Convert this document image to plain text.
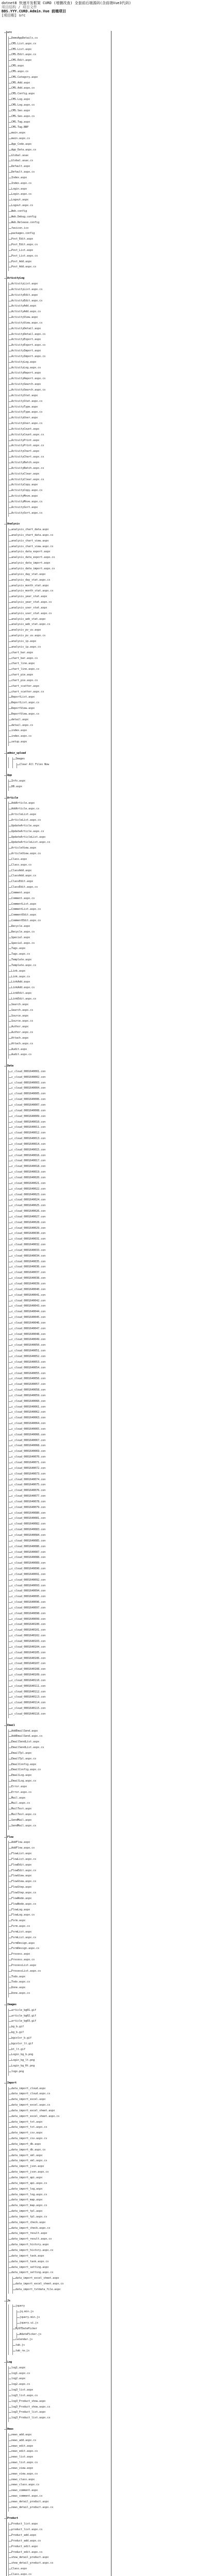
dotnet8 快速开发框架 CURD (增删改查) 全套前后端源码(含前端Vue3代码)
项目结构 / 项目文件
BBS.YYY.CURD.Admin.Vue 前端项目
[项目根] src
src
DemoAppDetails.cs
CMS.List.aspx.cs
CMS.List.aspx
CMS.Edit.aspx.cs
CMS.Edit.aspx
CMS.aspx
CMS.aspx.cs
CMS.Category.aspx
CMS.Add.aspx
CMS.Add.aspx.cs
CMS.Config.aspx
CMS.Log.aspx
CMS.Log.aspx.cs
CMS.Seo.aspx
CMS.Seo.aspx.cs
CMS.Tag.aspx
CMS.Tag.BBP
main.aspx
main.aspx.cs
App_Code.aspx
App_Data.aspx.cs
Global.asax
Global.asax.cs
Default.aspx
Default.aspx.cs
Index.aspx
Index.aspx.cs
Login.aspx
Login.aspx.cs
Logout.aspx
Logout.aspx.cs
Web.config
Web.Debug.config
Web.Release.config
favicon.ico
packages.config
Post_Edit.aspx
Post_Edit.aspx.cs
Post_List.aspx
Post_List.aspx.cs
Post_Add.aspx
Post_Add.aspx.cs
ActivityLog
ActivityList.aspx
ActivityList.aspx.cs
ActivityEdit.aspx
ActivityEdit.aspx.cs
ActivityAdd.aspx
ActivityAdd.aspx.cs
ActivityView.aspx
ActivityView.aspx.cs
ActivityDetail.aspx
ActivityDetail.aspx.cs
ActivityExport.aspx
ActivityExport.aspx.cs
ActivityImport.aspx
ActivityImport.aspx.cs
ActivityLog.aspx
ActivityLog.aspx.cs
ActivityReport.aspx
ActivityReport.aspx.cs
ActivitySearch.aspx
ActivitySearch.aspx.cs
ActivityStat.aspx
ActivityStat.aspx.cs
ActivityType.aspx
ActivityType.aspx.cs
ActivityUser.aspx
ActivityUser.aspx.cs
ActivityCount.aspx
ActivityCount.aspx.cs
ActivityPrint.aspx
ActivityPrint.aspx.cs
ActivityChart.aspx
ActivityChart.aspx.cs
ActivityBatch.aspx
ActivityBatch.aspx.cs
ActivityClear.aspx
ActivityClear.aspx.cs
ActivityCopy.aspx
ActivityCopy.aspx.cs
ActivityMove.aspx
ActivityMove.aspx.cs
ActivitySort.aspx
ActivitySort.aspx.cs
Analysis
analysis_chart_data.aspx
analysis_chart_data.aspx.cs
analysis_chart_view.aspx
analysis_chart_view.aspx.cs
analysis_data_export.aspx
analysis_data_export.aspx.cs
analysis_data_import.aspx
analysis_data_import.aspx.cs
analysis_day_stat.aspx
analysis_day_stat.aspx.cs
analysis_month_stat.aspx
analysis_month_stat.aspx.cs
analysis_year_stat.aspx
analysis_year_stat.aspx.cs
analysis_user_stat.aspx
analysis_user_stat.aspx.cs
analysis_web_stat.aspx
analysis_web_stat.aspx.cs
analysis_pv_uv.aspx
analysis_pv_uv.aspx.cs
analysis_ip.aspx
analysis_ip.aspx.cs
chart_bar.aspx
chart_bar.aspx.cs
chart_line.aspx
chart_line.aspx.cs
chart_pie.aspx
chart_pie.aspx.cs
chart_scatter.aspx
chart_scatter.aspx.cs
ReportList.aspx
ReportList.aspx.cs
ReportView.aspx
ReportView.aspx.cs
detail.aspx
detail.aspx.cs
index.aspx
index.aspx.cs
setup.aspx
admin_upload
Images
Clear All Files Now
App
Info.aspx
DB.aspx
Article
AddArticle.aspx
AddArticle.aspx.cs
ArticleList.aspx
ArticleList.aspx.cs
UpdateArticle.aspx
UpdateArticle.aspx.cs
UpdateArticleList.aspx
UpdateArticleList.aspx.cs
ArticleView.aspx
ArticleView.aspx.cs
Class.aspx
Class.aspx.cs
ClassAdd.aspx
ClassAdd.aspx.cs
ClassEdit.aspx
ClassEdit.aspx.cs
Comment.aspx
Comment.aspx.cs
CommentList.aspx
CommentList.aspx.cs
CommentEdit.aspx
CommentEdit.aspx.cs
Recycle.aspx
Recycle.aspx.cs
Special.aspx
Special.aspx.cs
Tags.aspx
Tags.aspx.cs
Template.aspx
Template.aspx.cs
Link.aspx
Link.aspx.cs
LinkAdd.aspx
LinkAdd.aspx.cs
LinkEdit.aspx
LinkEdit.aspx.cs
Search.aspx
Search.aspx.cs
Source.aspx
Source.aspx.cs
Author.aspx
Author.aspx.cs
Attach.aspx
Attach.aspx.cs
Audit.aspx
Audit.aspx.cs
Data
c_cloud_0001640001.con
c_cloud_0001640002.con
c_cloud_0001640003.con
c_cloud_0001640004.con
c_cloud_0001640005.con
c_cloud_0001640006.con
c_cloud_0001640007.con
c_cloud_0001640008.con
c_cloud_0001640009.con
c_cloud_0001640010.con
c_cloud_0001640011.con
c_cloud_0001640012.con
c_cloud_0001640013.con
c_cloud_0001640014.con
c_cloud_0001640015.con
c_cloud_0001640016.con
c_cloud_0001640017.con
c_cloud_0001640018.con
c_cloud_0001640019.con
c_cloud_0001640020.con
c_cloud_0001640021.con
c_cloud_0001640022.con
c_cloud_0001640023.con
c_cloud_0001640024.con
c_cloud_0001640025.con
c_cloud_0001640026.con
c_cloud_0001640027.con
c_cloud_0001640028.con
c_cloud_0001640029.con
c_cloud_0001640030.con
c_cloud_0001640031.con
c_cloud_0001640032.con
c_cloud_0001640033.con
c_cloud_0001640034.con
c_cloud_0001640035.con
c_cloud_0001640036.con
c_cloud_0001640037.con
c_cloud_0001640038.con
c_cloud_0001640039.con
c_cloud_0001640040.con
c_cloud_0001640041.con
c_cloud_0001640042.con
c_cloud_0001640043.con
c_cloud_0001640044.con
c_cloud_0001640045.con
c_cloud_0001640046.con
c_cloud_0001640047.con
c_cloud_0001640048.con
c_cloud_0001640049.con
c_cloud_0001640050.con
c_cloud_0001640051.con
c_cloud_0001640052.con
c_cloud_0001640053.con
c_cloud_0001640054.con
c_cloud_0001640055.con
c_cloud_0001640056.con
c_cloud_0001640057.con
c_cloud_0001640058.con
c_cloud_0001640059.con
c_cloud_0001640060.con
c_cloud_0001640061.con
c_cloud_0001640062.con
c_cloud_0001640063.con
c_cloud_0001640064.con
c_cloud_0001640065.con
c_cloud_0001640066.con
c_cloud_0001640067.con
c_cloud_0001640068.con
c_cloud_0001640069.con
c_cloud_0001640070.con
c_cloud_0001640071.con
c_cloud_0001640072.con
c_cloud_0001640073.con
c_cloud_0001640074.con
c_cloud_0001640075.con
c_cloud_0001640076.con
c_cloud_0001640077.con
c_cloud_0001640078.con
c_cloud_0001640079.con
c_cloud_0001640080.con
c_cloud_0001640081.con
c_cloud_0001640082.con
c_cloud_0001640083.con
c_cloud_0001640084.con
c_cloud_0001640085.con
c_cloud_0001640086.con
c_cloud_0001640087.con
c_cloud_0001640088.con
c_cloud_0001640089.con
c_cloud_0001640090.con
c_cloud_0001640091.con
c_cloud_0001640092.con
c_cloud_0001640093.con
c_cloud_0001640094.con
c_cloud_0001640095.con
c_cloud_0001640096.con
c_cloud_0001640097.con
c_cloud_0001640098.con
c_cloud_0001640099.con
c_cloud_0001640100.con
c_cloud_0001640101.con
c_cloud_0001640102.con
c_cloud_0001640103.con
c_cloud_0001640104.con
c_cloud_0001640105.con
c_cloud_0001640106.con
c_cloud_0001640107.con
c_cloud_0001640108.con
c_cloud_0001640109.con
c_cloud_0001640110.con
c_cloud_0001640111.con
c_cloud_0001640112.con
c_cloud_0001640113.con
c_cloud_0001640114.con
c_cloud_0001640115.con
c_cloud_0001640116.con
Email
AddEmailSend.aspx
AddEmailSend.aspx.cs
EmailSendList.aspx
EmailSendList.aspx.cs
EmailTpl.aspx
EmailTpl.aspx.cs
EmailConfig.aspx
EmailConfig.aspx.cs
EmailLog.aspx
EmailLog.aspx.cs
Error.aspx
Error.aspx.cs
Mail.aspx
Mail.aspx.cs
MailTest.aspx
MailTest.aspx.cs
SendMail.aspx
SendMail.aspx.cs
Flow
AddFlow.aspx
AddFlow.aspx.cs
FlowList.aspx
FlowList.aspx.cs
FlowEdit.aspx
FlowEdit.aspx.cs
FlowView.aspx
FlowView.aspx.cs
FlowStep.aspx
FlowStep.aspx.cs
FlowNode.aspx
FlowNode.aspx.cs
FlowLog.aspx
FlowLog.aspx.cs
Form.aspx
Form.aspx.cs
FormList.aspx
FormList.aspx.cs
FormDesign.aspx
FormDesign.aspx.cs
Process.aspx
Process.aspx.cs
ProcessList.aspx
ProcessList.aspx.cs
Todo.aspx
Todo.aspx.cs
Done.aspx
Done.aspx.cs
Images
article_bg01.gif
article_bg02.gif
article_bg03.gif
bg_b.gif
bg_b.gif
bgcolor_b.gif
bgcolor_lt.gif
bt_lt.gif
Login_bg_b.png
Login_bg_lt.png
Login_bg_Rt.png
logo.png
Import
data_import_cloud.aspx
data_import_cloud.aspx.cs
data_import_excel.aspx
data_import_excel.aspx.cs
data_import_excel_sheet.aspx
data_import_excel_sheet.aspx.cs
data_import_txt.aspx
data_import_txt.aspx.cs
data_import_csv.aspx
data_import_csv.aspx.cs
data_import_db.aspx
data_import_db.aspx.cs
data_import_xml.aspx
data_import_xml.aspx.cs
data_import_json.aspx
data_import_json.aspx.cs
data_import_api.aspx
data_import_api.aspx.cs
data_import_log.aspx
data_import_log.aspx.cs
data_import_map.aspx
data_import_map.aspx.cs
data_import_tpl.aspx
data_import_tpl.aspx.cs
data_import_check.aspx
data_import_check.aspx.cs
data_import_result.aspx
data_import_result.aspx.cs
data_import_history.aspx
data_import_history.aspx.cs
data_import_task.aspx
data_import_task.aspx.cs
data_import_setting.aspx
data_import_setting.aspx.cs
data_import_excel_sheet.aspx
data_import_excel_sheet.aspx.cs
data_import_txtdata_file.aspx
Js
jquery
jq.min.js
jquery.min.js
jquery.ui.js
My97DatePicker
WdatePicker.js
calendar.js
tab.js
tab_rw.js
Log
log1.aspx
log1.aspx.cs
log2.aspx
log2.aspx.cs
log3_list.aspx
log3_list.aspx.cs
log3_Product_show.aspx
log3_Product_show.aspx.cs
log3_Product_list.aspx
log3_Product_list.aspx.cs
News
news_add.aspx
news_add.aspx.cs
news_edit.aspx
news_edit.aspx.cs
news_list.aspx
news_list.aspx.cs
news_view.aspx
news_view.aspx.cs
news_class.aspx
news_class.aspx.cs
news_comment.aspx
news_comment.aspx.cs
news_detail_product.aspx
news_detail_product.aspx.cs
Product
Product_list.aspx
product_list.aspx.cs
Product_add.aspx
Product_add.aspx.cs
Product_edit.aspx
Product_edit.aspx.cs
show_detail_product.aspx
show_detail_product.aspx.cs
Class.aspx
Class.aspx.cs
